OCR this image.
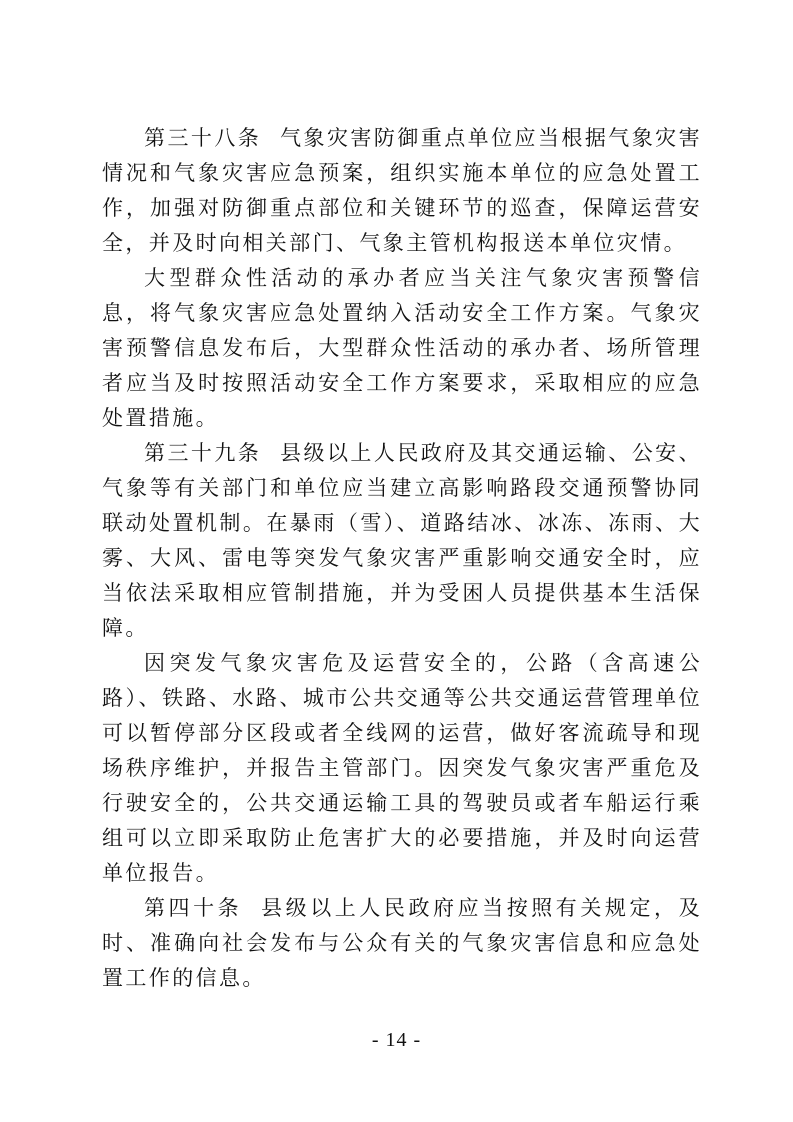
第三十八条 气象灾害防御重点单位应当根据气象灾害情况和气象灾害应急预案，组织实施本单位的应急处置工作，加强对防御重点部位和关键环节的巡查，保障运营安全，并及时向相关部门、气象主管机构报送本单位灾情。

大型群众性活动的承办者应当关注气象灾害预警信息，将气象灾害应急处置纳入活动安全工作方案。气象灾害预警信息发布后，大型群众性活动的承办者、场所管理者应当及时按照活动安全工作方案要求，采取相应的应急处置措施。

第三十九条 县级以上人民政府及其交通运输、公安、气象等有关部门和单位应当建立高影响路段交通预警协同联动处置机制。在暴雨（雪）、道路结冰、冰冻、冻雨、大雾、大风、雷电等突发气象灾害严重影响交通安全时，应当依法采取相应管制措施，并为受困人员提供基本生活保障。

因突发气象灾害危及运营安全的，公路（含高速公路）、铁路、水路、城市公共交通等公共交通运营管理单位可以暂停部分区段或者全线网的运营，做好客流疏导和现场秩序维护，并报告主管部门。因突发气象灾害严重危及行驶安全的，公共交通运输工具的驾驶员或者车船运行乘组可以立即采取防止危害扩大的必要措施，并及时向运营单位报告。

第四十条 县级以上人民政府应当按照有关规定，及时、准确向社会发布与公众有关的气象灾害信息和应急处置工作的信息。

- 14 -
